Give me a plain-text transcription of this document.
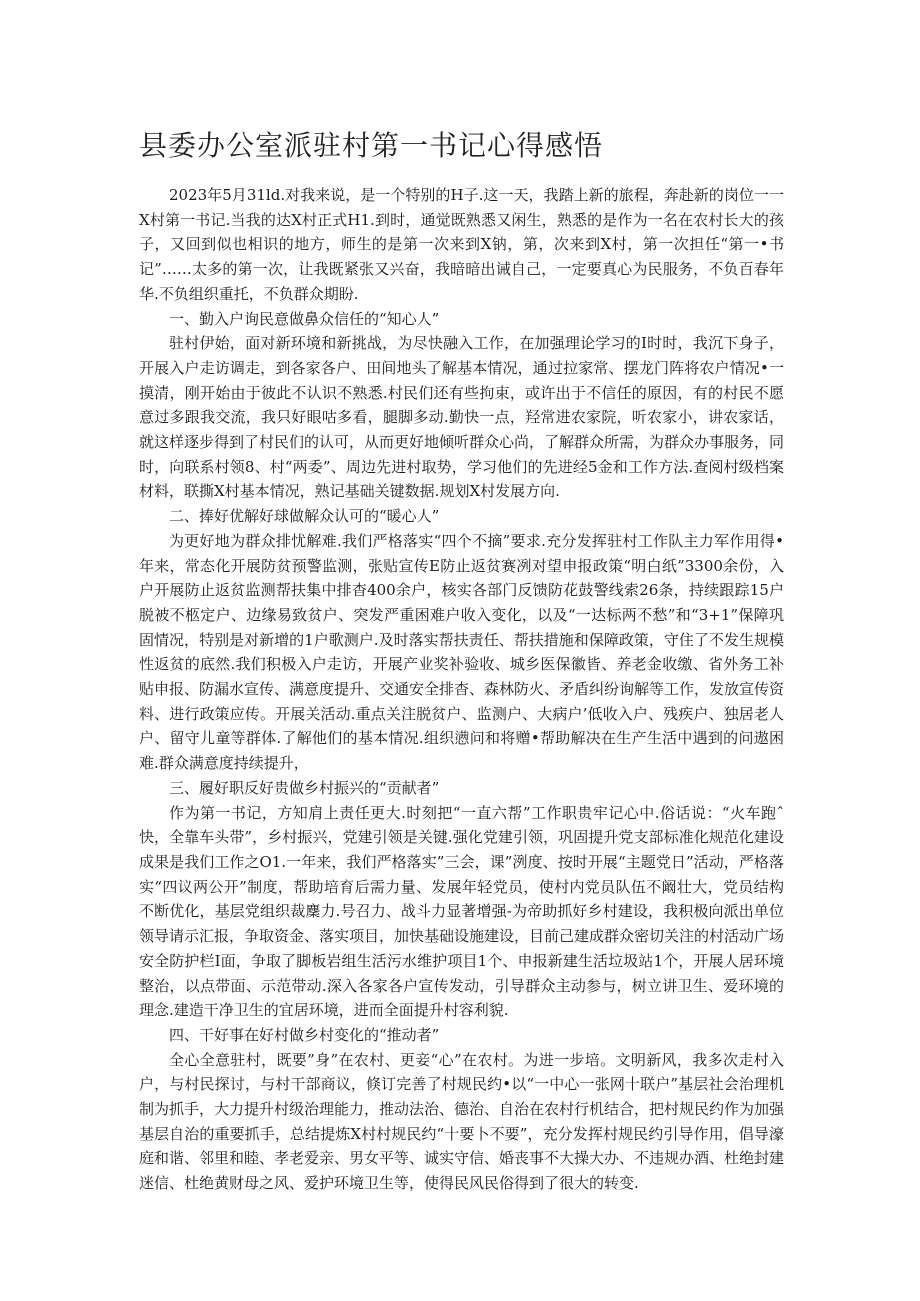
县委办公室派驻村第一书记心得感悟

2023年5月31ld.对我来说，是一个特别的H子.这一天，我踏上新的旅程，奔赴新的岗位一一X村第一书记.当我的达X村正式H1.到时，通觉既熟悉又闲生，熟悉的是作为一名在农村长大的孩子，又回到似也相识的地方，师生的是第一次来到X钠，第，次来到X村，第一次担任“第一•书记”……太多的第一次，让我既紧张又兴奋，我暗暗出诫自己，一定要真心为民服务，不负百春年华.不负组织重托，不负群众期盼.

一、勤入户询民意做鼻众信任的“知心人”

驻村伊始，面对新环境和新挑战，为尽快融入工作，在加强理论学习的I时时，我沉下身子，开展入户走访调走，到各家各户、田间地头了解基本情况，通过拉家常、摆龙门阵将农户情况•一摸清，刚开始由于彼此不认识不熟悉.村民们还有些拘束，或许出于不信任的原因，有的村民不愿意过多跟我交流，我只好眼咕多看，腿脚多动.勤快一点，羟常进农家院，听农家小，讲农家话，就这样逐步得到了村民们的认可，从而更好地倾听群众心尚，了解群众所需，为群众办事服务，同时，向联系村领8、村“两委”、周边先进村取势，学习他们的先进经5金和工作方法.查阅村级档案材料，联撕X村基本情况，熟记基础关键数据.规划X村发展方向.

二、捧好优解好球做解众认可的“暖心人”

为更好地为群众排忧解难.我们严格落实“四个不摘”要求.充分发挥驻村工作队主力军作用得•年来，常态化开展防贫预警监测，张贴宣传E防止返贫赛冽对望申报政策“明白纸”3300余份，入户开展防止返贫监测帮扶集中排杳400余户，核实各部门反馈防花鼓警线索26条，持续跟踪15户脱被不柩定户、边缘易致贫户、突发严重困难户收入变化，以及“一达标两不愁”和“3+1”保障巩固情况，特别是对新增的1户歌测户.及时落实帮扶责任、帮扶措施和保障政策，守住了不发生规模性返贫的底然.我们积极入户走访，开展产业奖补验收、城乡医保徽皆、养老金收缴、省外务工补贴申报、防漏水宣传、满意度提升、交通安全排杳、森林防火、矛盾纠纷询解等工作，发放宣传资料、进行政策应传。开展关活动.重点关注脱贫户、监测户、大病户’低收入户、残疾户、独居老人户、留守儿童等群体.了解他们的基本情况.组织懑问和将赠•帮助解决在生产生活中遇到的问遨困难.群众满意度持续提升，

三、履好职反好贵做乡村振兴的“贡献者”

作为第一书记，方知肩上责任更大.时刻把“一直六帮”工作职贵牢记心中.俗话说：“火车跑ˆ快，全靠车头带”，乡村振兴，党建引领是关键.强化党建引领，巩固提升党支部标准化规范化建设成果是我们工作之O1.一年来，我们严格落实”三会，课”洌度、按时开展“主题党日”活动，严格落实“四议两公开”制度，帮助培育后需力量、发展年轻党员，使村内党员队伍不阚壮大，党员结构不断优化，基层党组织裁麇力.号召力、战斗力显著增强-为帝助抓好乡村建设，我积极向派出单位领导请示汇报，争取资金、落实项目，加快基础设施建设，目前己建成群众密切关注的村活动广场安全防护栏I面，争取了脚板岩组生活污水维护项目1个、申报新建生活垃圾站1个，开展人居环境整治，以点带面、示范带动.深入各家各户宣传发动，引导群众主动参与，树立讲卫生、爱环境的理念.建造干净卫生的宜居环境，进而全面提升村容利貌.

四、干好事在好村做乡村变化的“推动者”

全心全意驻村，既要”身”在农村、更妾“心”在农村。为进一步培。文明新风，我多次走村入户，与村民探讨，与村干部商议，倏订完善了村规民约•以“一中心一张网十联户”基层社会治理机制为抓手，大力提升村级治理能力，推动法治、德治、自治在农村行机结合，把村规民约作为加强基层自治的重要抓手，总结提炼X村村规民约“十要卜不要”，充分发挥村规民约引导作用，倡导濠庭和谐、邻里和睦、孝老爱亲、男女平等、诚实守信、婚丧事不大操大办、不违规办酒、杜绝封建迷信、杜绝黄财母之风、爱护环境卫生等，使得民风民俗得到了很大的转变.
